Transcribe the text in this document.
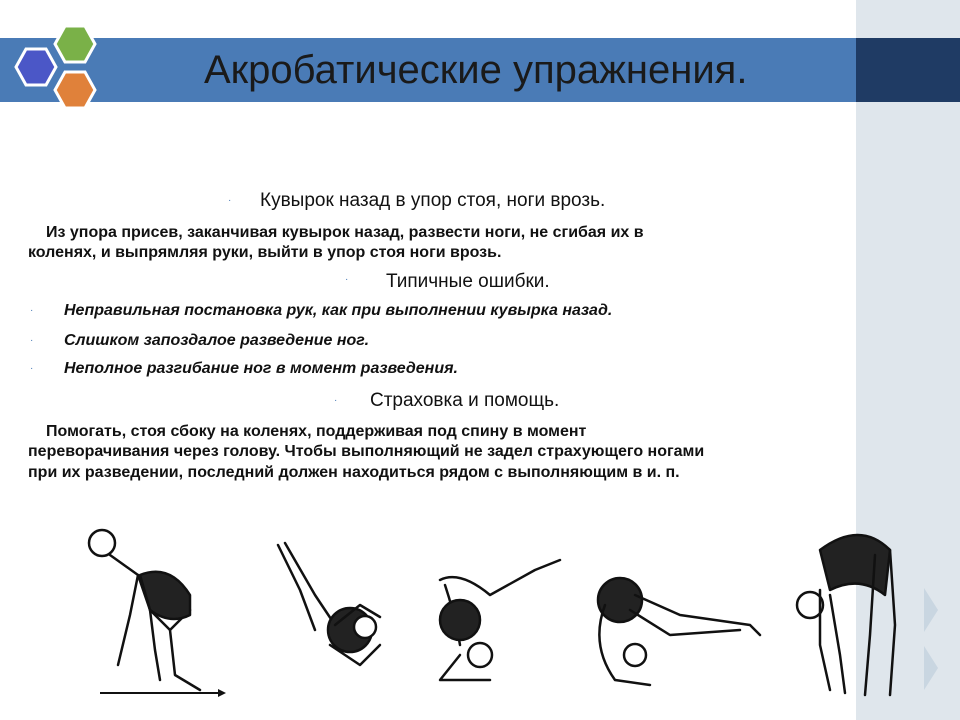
Акробатические упражнения.
· Кувырок назад в упор стоя, ноги врозь.
Из упора присев, заканчивая кувырок назад, развести ноги, не сгибая их в
коленях, и выпрямляя руки, выйти в упор стоя ноги врозь.
· Типичные ошибки.
· Неправильная постановка рук, как при выполнении кувырка назад.
· Слишком запоздалое разведение ног.
· Неполное разгибание ног в момент разведения.
· Страховка и помощь.
Помогать, стоя сбоку на коленях, поддерживая под спину в момент
переворачивания через голову. Чтобы выполняющий не задел страхующего ногами
при их разведении, последний должен находиться рядом с выполняющим в и. п.
